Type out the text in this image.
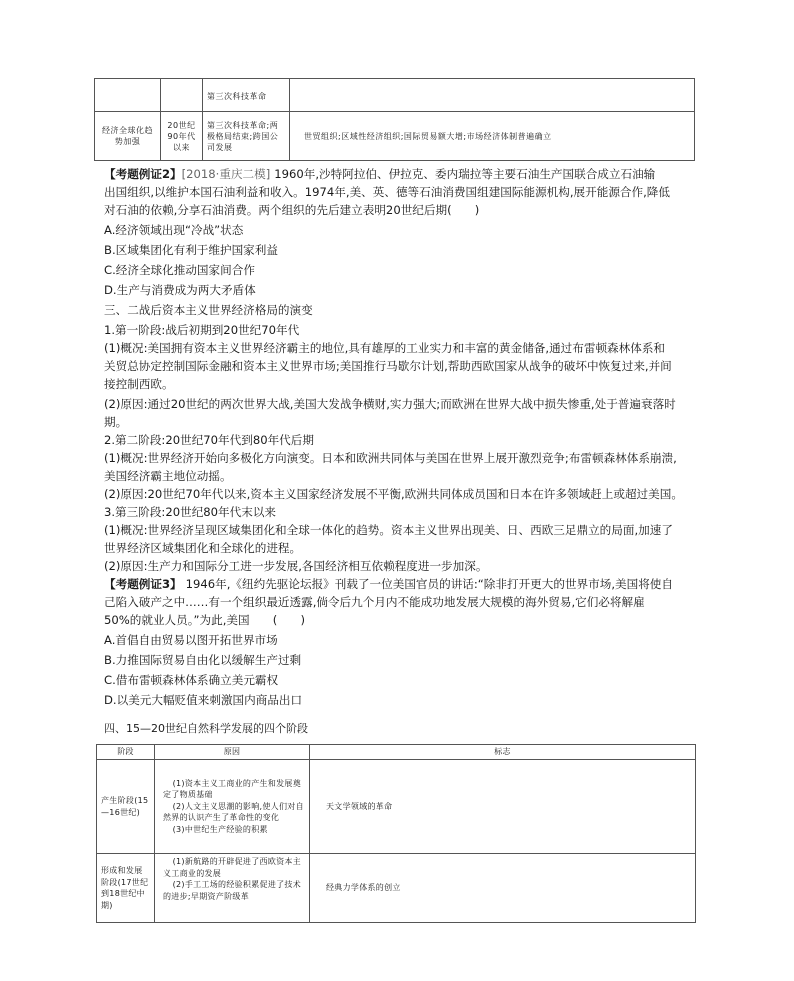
		第三次科技革命	

经济全球化趋势加强	20世纪90年代以来	第三次科技革命;两极格局结束;跨国公司发展	世贸组织;区域性经济组织;国际贸易额大增;市场经济体制普遍确立
【考题例证2】[2018·重庆二模] 1960年,沙特阿拉伯、伊拉克、委内瑞拉等主要石油生产国联合成立石油输
出国组织,以维护本国石油利益和收入。1974年,美、英、德等石油消费国组建国际能源机构,展开能源合作,降低
对石油的依赖,分享石油消费。两个组织的先后建立表明20世纪后期(　　)
A.经济领域出现“冷战”状态
B.区域集团化有利于维护国家利益
C.经济全球化推动国家间合作
D.生产与消费成为两大矛盾体
三、二战后资本主义世界经济格局的演变
1.第一阶段:战后初期到20世纪70年代
(1)概况:美国拥有资本主义世界经济霸主的地位,具有雄厚的工业实力和丰富的黄金储备,通过布雷顿森林体系和
关贸总协定控制国际金融和资本主义世界市场;美国推行马歇尔计划,帮助西欧国家从战争的破坏中恢复过来,并间
接控制西欧。
(2)原因:通过20世纪的两次世界大战,美国大发战争横财,实力强大;而欧洲在世界大战中损失惨重,处于普遍衰落时
期。
2.第二阶段:20世纪70年代到80年代后期
(1)概况:世界经济开始向多极化方向演变。日本和欧洲共同体与美国在世界上展开激烈竞争;布雷顿森林体系崩溃,
美国经济霸主地位动摇。
(2)原因:20世纪70年代以来,资本主义国家经济发展不平衡,欧洲共同体成员国和日本在许多领域赶上或超过美国。
3.第三阶段:20世纪80年代末以来
(1)概况:世界经济呈现区域集团化和全球一体化的趋势。资本主义世界出现美、日、西欧三足鼎立的局面,加速了
世界经济区域集团化和全球化的进程。
(2)原因:生产力和国际分工进一步发展,各国经济相互依赖程度进一步加深。
【考题例证3】 1946年,《纽约先驱论坛报》刊载了一位美国官员的讲话:“除非打开更大的世界市场,美国将使自
己陷入破产之中……有一个组织最近透露,倘令后九个月内不能成功地发展大规模的海外贸易,它们必将解雇
50%的就业人员。”为此,美国　　(　　)
A.首倡自由贸易以图开拓世界市场
B.力推国际贸易自由化以缓解生产过剩
C.借布雷顿森林体系确立美元霸权
D.以美元大幅贬值来刺激国内商品出口
四、15—20世纪自然科学发展的四个阶段
阶段	原因	标志
产生阶段(15—16世纪)	(1)资本主义工商业的产生和发展奠定了物质基础
(2)人文主义思潮的影响,使人们对自然界的认识产生了革命性的变化
(3)中世纪生产经验的积累	天文学领域的革命
形成和发展阶段(17世纪到18世纪中期)	(1)新航路的开辟促进了西欧资本主义工商业的发展
(2)手工工场的经验积累促进了技术的进步;早期资产阶级革	经典力学体系的创立
